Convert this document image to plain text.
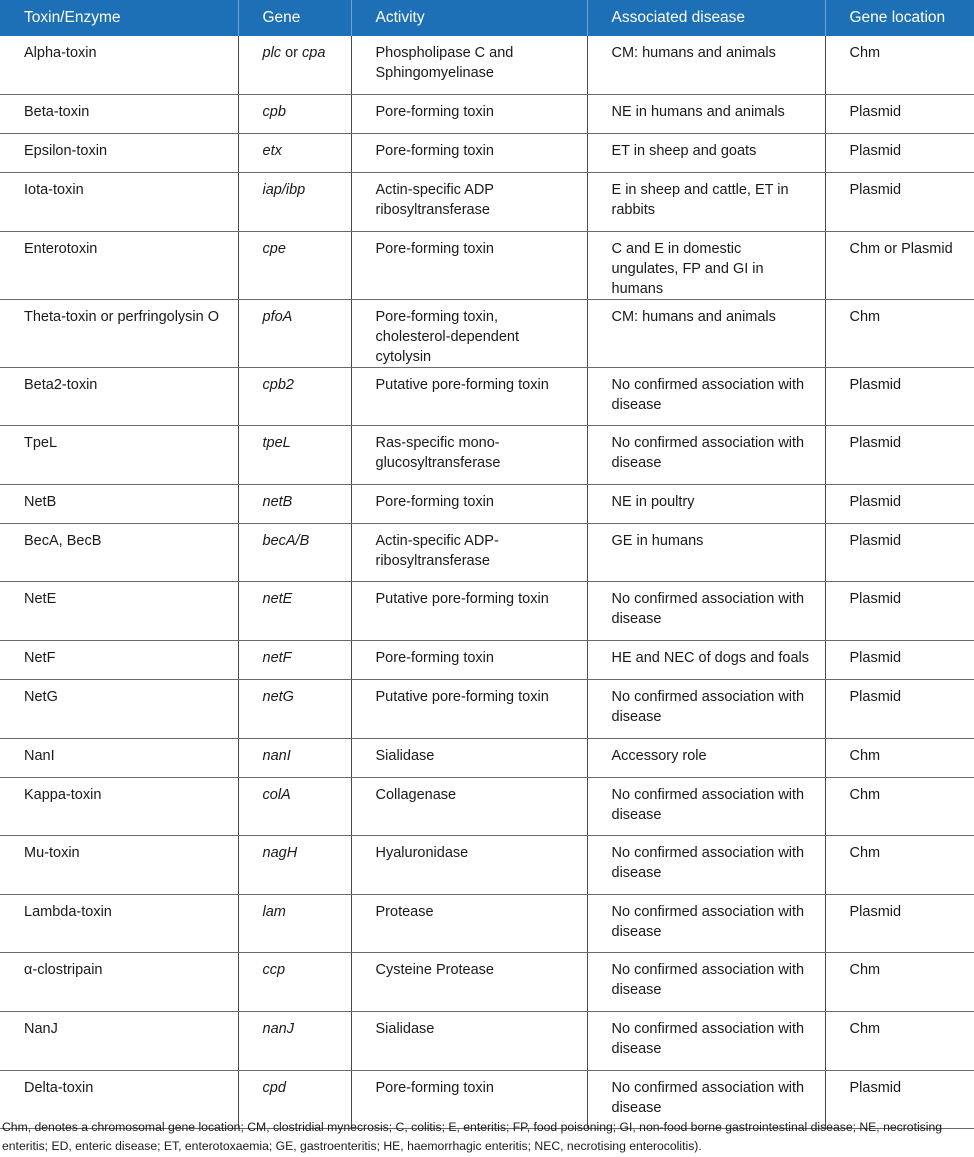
Toxin/Enzyme	Gene	Activity	Associated disease	Gene location
Alpha-toxin	plc or cpa	Phospholipase C and Sphingomyelinase	CM: humans and animals	Chm
Beta-toxin	cpb	Pore-forming toxin	NE in humans and animals	Plasmid
Epsilon-toxin	etx	Pore-forming toxin	ET in sheep and goats	Plasmid
Iota-toxin	iap/ibp	Actin-specific ADP ribosyltransferase	E in sheep and cattle, ET in rabbits	Plasmid
Enterotoxin	cpe	Pore-forming toxin	C and E in domestic ungulates, FP and GI in humans	Chm or Plasmid
Theta-toxin or perfringolysin O	pfoA	Pore-forming toxin, cholesterol-dependent cytolysin	CM: humans and animals	Chm
Beta2-toxin	cpb2	Putative pore-forming toxin	No confirmed association with disease	Plasmid
TpeL	tpeL	Ras-specific mono-glucosyltransferase	No confirmed association with disease	Plasmid
NetB	netB	Pore-forming toxin	NE in poultry	Plasmid
BecA, BecB	becA/B	Actin-specific ADP-ribosyltransferase	GE in humans	Plasmid
NetE	netE	Putative pore-forming toxin	No confirmed association with disease	Plasmid
NetF	netF	Pore-forming toxin	HE and NEC of dogs and foals	Plasmid
NetG	netG	Putative pore-forming toxin	No confirmed association with disease	Plasmid
NanI	nanI	Sialidase	Accessory role	Chm
Kappa-toxin	colA	Collagenase	No confirmed association with disease	Chm
Mu-toxin	nagH	Hyaluronidase	No confirmed association with disease	Chm
Lambda-toxin	lam	Protease	No confirmed association with disease	Plasmid
α-clostripain	ccp	Cysteine Protease	No confirmed association with disease	Chm
NanJ	nanJ	Sialidase	No confirmed association with disease	Chm
Delta-toxin	cpd	Pore-forming toxin	No confirmed association with disease	Plasmid
Chm, denotes a chromosomal gene location; CM, clostridial mynecrosis; C, colitis; E, enteritis; FP, food poisoning; GI, non-food borne gastrointestinal disease; NE, necrotising enteritis; ED, enteric disease; ET, enterotoxaemia; GE, gastroenteritis; HE, haemorrhagic enteritis; NEC, necrotising enterocolitis).
